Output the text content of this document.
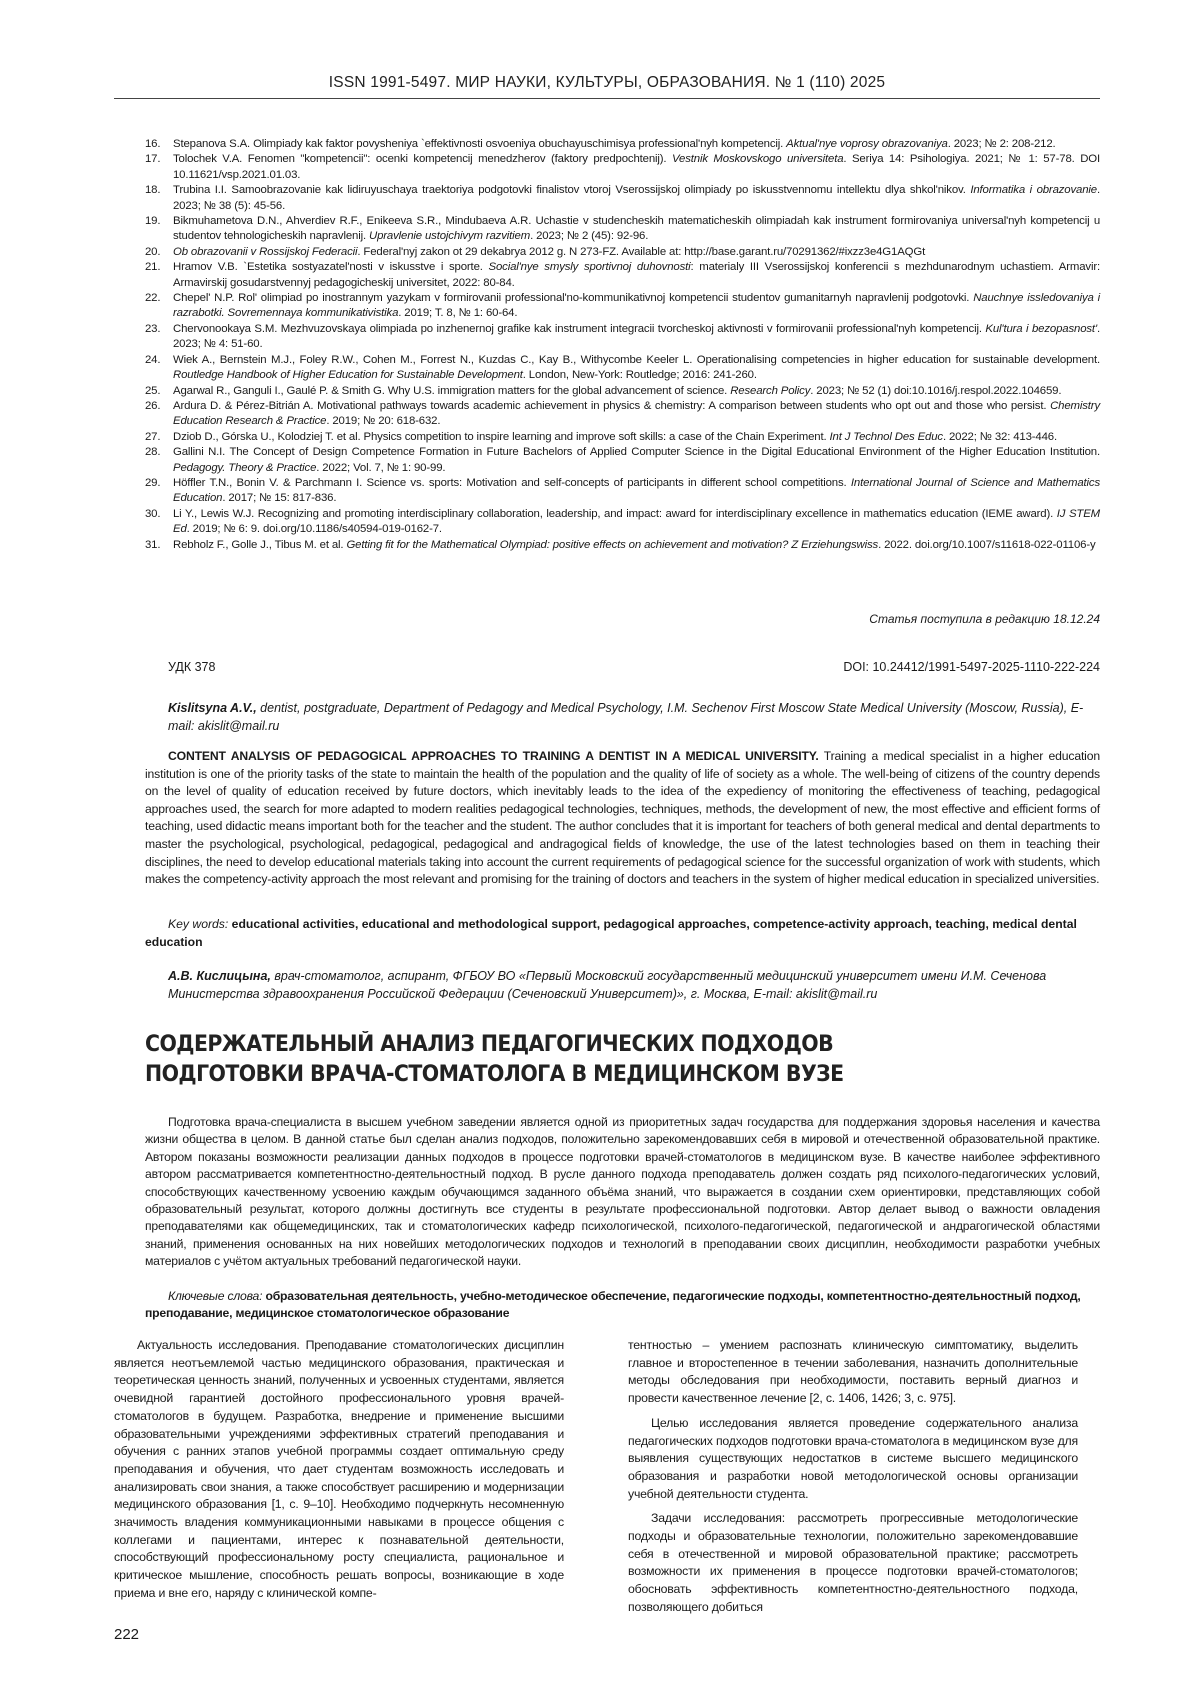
ISSN 1991-5497. МИР НАУКИ, КУЛЬТУРЫ, ОБРАЗОВАНИЯ. № 1 (110) 2025
16. Stepanova S.A. Olimpiady kak faktor povysheniya `effektivnosti osvoeniya obuchayuschimisya professional'nyh kompetencij. Aktual'nye voprosy obrazovaniya. 2023; № 2: 208-212.
17. Tolochek V.A. Fenomen "kompetencii": ocenki kompetencij menedzherov (faktory predpochtenij). Vestnik Moskovskogo universiteta. Seriya 14: Psihologiya. 2021; № 1: 57-78. DOI 10.11621/vsp.2021.01.03.
18. Trubina I.I. Samoobrazovanie kak lidiruyuschaya traektoriya podgotovki finalistov vtoroj Vserossijskoj olimpiady po iskusstvennomu intellektu dlya shkol'nikov. Informatika i obrazovanie. 2023; № 38 (5): 45-56.
19. Bikmuhametova D.N., Ahverdiev R.F., Enikeeva S.R., Mindubaeva A.R. Uchastie v studencheskih matematicheskih olimpiadah kak instrument formirovaniya universal'nyh kompetencij u studentov tehnologicheskih napravlenij. Upravlenie ustojchivym razvitiem. 2023; № 2 (45): 92-96.
20. Ob obrazovanii v Rossijskoj Federacii. Federal'nyj zakon ot 29 dekabrya 2012 g. N 273-FZ. Available at: http://base.garant.ru/70291362/#ixzz3e4G1AQGt
21. Hramov V.B. `Estetika sostyazatel'nosti v iskusstve i sporte. Social'nye smysly sportivnoj duhovnosti: materialy III Vserossijskoj konferencii s mezhdunarodnym uchastiem. Armavir: Armavirskij gosudarstvennyj pedagogicheskij universitet, 2022: 80-84.
22. Chepel' N.P. Rol' olimpiad po inostrannym yazykam v formirovanii professional'no-kommunikativnoj kompetencii studentov gumanitarnyh napravlenij podgotovki. Nauchnye issledovaniya i razrabotki. Sovremennaya kommunikativistika. 2019; T. 8, № 1: 60-64.
23. Chervonookaya S.M. Mezhvuzovskaya olimpiada po inzhenernoj grafike kak instrument integracii tvorcheskoj aktivnosti v formirovanii professional'nyh kompetencij. Kul'tura i bezopasnost'. 2023; № 4: 51-60.
24. Wiek A., Bernstein M.J., Foley R.W., Cohen M., Forrest N., Kuzdas C., Kay B., Withycombe Keeler L. Operationalising competencies in higher education for sustainable development. Routledge Handbook of Higher Education for Sustainable Development. London, New-York: Routledge; 2016: 241-260.
25. Agarwal R., Ganguli I., Gaulé P. & Smith G. Why U.S. immigration matters for the global advancement of science. Research Policy. 2023; № 52 (1) doi:10.1016/j.respol.2022.104659.
26. Ardura D. & Pérez-Bitrián A. Motivational pathways towards academic achievement in physics & chemistry: A comparison between students who opt out and those who persist. Chemistry Education Research & Practice. 2019; № 20: 618-632.
27. Dziob D., Górska U., Kolodziej T. et al. Physics competition to inspire learning and improve soft skills: a case of the Chain Experiment. Int J Technol Des Educ. 2022; № 32: 413-446.
28. Gallini N.I. The Concept of Design Competence Formation in Future Bachelors of Applied Computer Science in the Digital Educational Environment of the Higher Education Institution. Pedagogy. Theory & Practice. 2022; Vol. 7, № 1: 90-99.
29. Höffler T.N., Bonin V. & Parchmann I. Science vs. sports: Motivation and self-concepts of participants in different school competitions. International Journal of Science and Mathematics Education. 2017; № 15: 817-836.
30. Li Y., Lewis W.J. Recognizing and promoting interdisciplinary collaboration, leadership, and impact: award for interdisciplinary excellence in mathematics education (IEME award). IJ STEM Ed. 2019; № 6: 9. doi.org/10.1186/s40594-019-0162-7.
31. Rebholz F., Golle J., Tibus M. et al. Getting fit for the Mathematical Olympiad: positive effects on achievement and motivation? Z Erziehungswiss. 2022. doi.org/10.1007/s11618-022-01106-y
Статья поступила в редакцию 18.12.24
УДК 378	DOI: 10.24412/1991-5497-2025-1110-222-224
Kislitsyna A.V., dentist, postgraduate, Department of Pedagogy and Medical Psychology, I.M. Sechenov First Moscow State Medical University (Moscow, Russia), E-mail: akislit@mail.ru
CONTENT ANALYSIS OF PEDAGOGICAL APPROACHES TO TRAINING A DENTIST IN A MEDICAL UNIVERSITY. Training a medical specialist in a higher education institution is one of the priority tasks of the state to maintain the health of the population and the quality of life of society as a whole. The well-being of citizens of the country depends on the level of quality of education received by future doctors, which inevitably leads to the idea of the expediency of monitoring the effectiveness of teaching, pedagogical approaches used, the search for more adapted to modern realities pedagogical technologies, techniques, methods, the development of new, the most effective and efficient forms of teaching, used didactic means important both for the teacher and the student. The author concludes that it is important for teachers of both general medical and dental departments to master the psychological, psychological, pedagogical, pedagogical and andragogical fields of knowledge, the use of the latest technologies based on them in teaching their disciplines, the need to develop educational materials taking into account the current requirements of pedagogical science for the successful organization of work with students, which makes the competency-activity approach the most relevant and promising for the training of doctors and teachers in the system of higher medical education in specialized universities.
Key words: educational activities, educational and methodological support, pedagogical approaches, competence-activity approach, teaching, medical dental education
А.В. Кислицына, врач-стоматолог, аспирант, ФГБОУ ВО «Первый Московский государственный медицинский университет имени И.М. Сеченова Министерства здравоохранения Российской Федерации (Сеченовский Университет)», г. Москва, E-mail: akislit@mail.ru
СОДЕРЖАТЕЛЬНЫЙ АНАЛИЗ ПЕДАГОГИЧЕСКИХ ПОДХОДОВ
ПОДГОТОВКИ ВРАЧА-СТОМАТОЛОГА В МЕДИЦИНСКОМ ВУЗЕ
Подготовка врача-специалиста в высшем учебном заведении является одной из приоритетных задач государства для поддержания здоровья населения и качества жизни общества в целом. В данной статье был сделан анализ подходов, положительно зарекомендовавших себя в мировой и отечественной образовательной практике. Автором показаны возможности реализации данных подходов в процессе подготовки врачей-стоматологов в медицинском вузе. В качестве наиболее эффективного автором рассматривается компетентностно-деятельностный подход. В русле данного подхода преподаватель должен создать ряд психолого-педагогических условий, способствующих качественному усвоению каждым обучающимся заданного объёма знаний, что выражается в создании схем ориентировки, представляющих собой образовательный результат, которого должны достигнуть все студенты в результате профессиональной подготовки. Автор делает вывод о важности овладения преподавателями как общемедицинских, так и стоматологических кафедр психологической, психолого-педагогической, педагогической и андрагогической областями знаний, применения основанных на них новейших методологических подходов и технологий в преподавании своих дисциплин, необходимости разработки учебных материалов с учётом актуальных требований педагогической науки.
Ключевые слова: образовательная деятельность, учебно-методическое обеспечение, педагогические подходы, компетентностно-деятельностный подход, преподавание, медицинское стоматологическое образование

Актуальность исследования. Преподавание стоматологических дисциплин является неотъемлемой частью медицинского образования, практическая и теоретическая ценность знаний, полученных и усвоенных студентами, является очевидной гарантией достойного профессионального уровня врачей-стоматологов в будущем. Разработка, внедрение и применение высшими образовательными учреждениями эффективных стратегий преподавания и обучения с ранних этапов учебной программы создает оптимальную среду преподавания и обучения, что дает студентам возможность исследовать и анализировать свои знания, а также способствует расширению и модернизации медицинского образования [1, с. 9–10]. Необходимо подчеркнуть несомненную значимость владения коммуникационными навыками в процессе общения с коллегами и пациентами, интерес к познавательной деятельности, способствующий профессиональному росту специалиста, рациональное и критическое мышление, способность решать вопросы, возникающие в ходе приема и вне его, наряду с клинической компе-

тентностью – умением распознать клиническую симптоматику, выделить главное и второстепенное в течении заболевания, назначить дополнительные методы обследования при необходимости, поставить верный диагноз и провести качественное лечение [2, с. 1406, 1426; 3, с. 975].

Целью исследования является проведение содержательного анализа педагогических подходов подготовки врача-стоматолога в медицинском вузе для выявления существующих недостатков в системе высшего медицинского образования и разработки новой методологической основы организации учебной деятельности студента.

Задачи исследования: рассмотреть прогрессивные методологические подходы и образовательные технологии, положительно зарекомендовавшие себя в отечественной и мировой образовательной практике; рассмотреть возможности их применения в процессе подготовки врачей-стоматологов; обосновать эффективность компетентностно-деятельностного подхода, позволяющего добиться

222
